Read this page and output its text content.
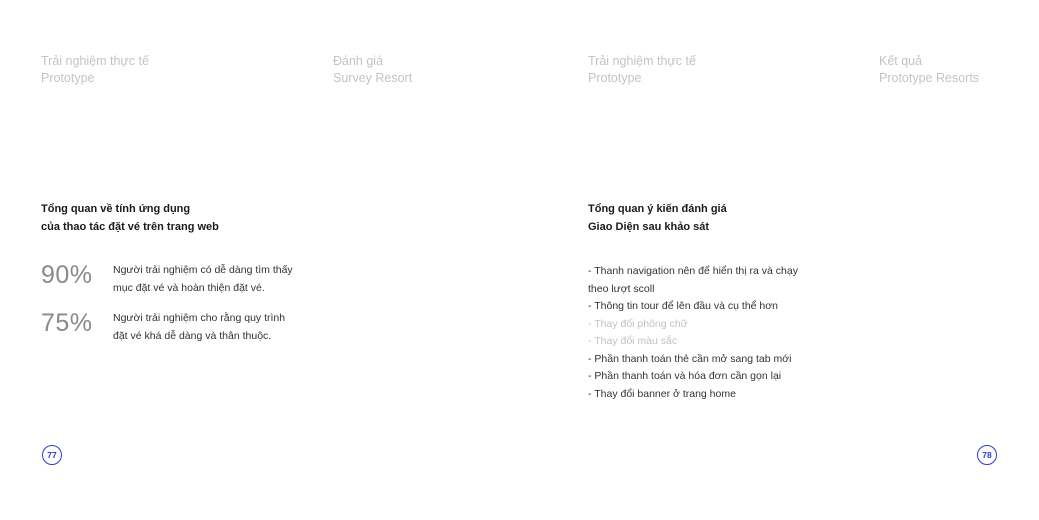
Trải nghiệm thực tế
Prototype
Đánh giá
Survey Resort
Trải nghiệm thực tế
Prototype
Kết quả
Prototype Resorts
Tổng quan về tính ứng dụng
của thao tác đặt vé trên trang web
90%	Người trải nghiệm có dễ dàng tìm thấy
mục đặt vé và hoàn thiện đặt vé.
75%	Người trải nghiệm cho rằng quy trình
đặt vé khá dễ dàng và thân thuộc.
77
Tổng quan ý kiến đánh giá
Giao Diện sau khảo sát
- Thanh navigation nên để hiển thị ra và chạy
theo lượt scoll
- Thông tin tour để lên đầu và cụ thể hơn
- Thay đổi phông chữ
- Thay đổi màu sắc
- Phần thanh toán thẻ cần mở sang tab mới
- Phần thanh toán và hóa đơn cần gọn lại
- Thay đổi banner ở trang home
78
